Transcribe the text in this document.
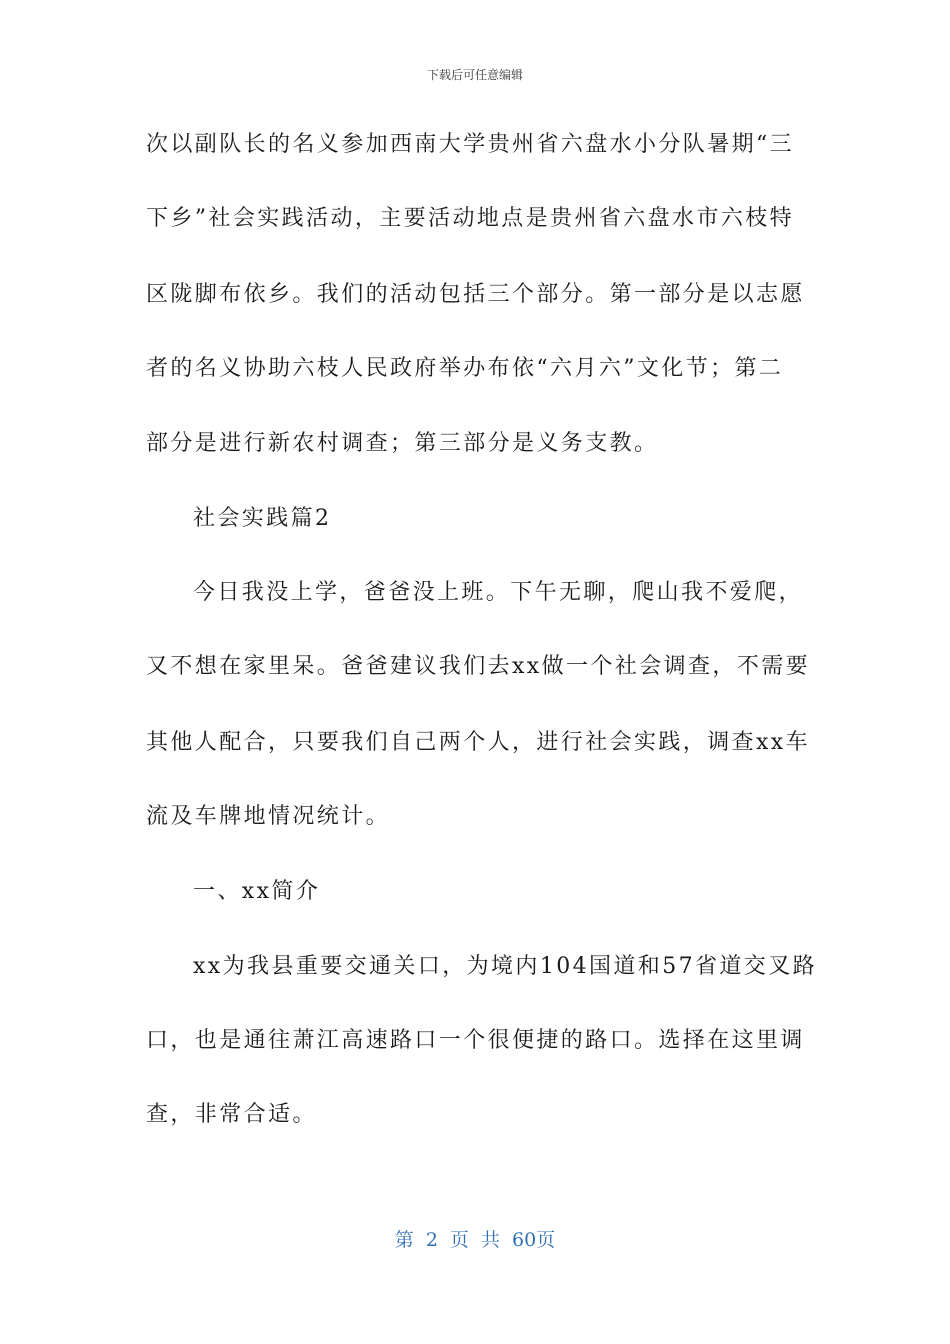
下载后可任意编辑
次以副队长的名义参加西南大学贵州省六盘水小分队暑期“三
下乡”社会实践活动，主要活动地点是贵州省六盘水市六枝特
区陇脚布依乡。我们的活动包括三个部分。第一部分是以志愿
者的名义协助六枝人民政府举办布依“六月六”文化节；第二
部分是进行新农村调查；第三部分是义务支教。
社会实践篇2
今日我没上学，爸爸没上班。下午无聊，爬山我不爱爬，
又不想在家里呆。爸爸建议我们去xx做一个社会调查，不需要
其他人配合，只要我们自己两个人，进行社会实践，调查xx车
流及车牌地情况统计。
一、xx简介
xx为我县重要交通关口，为境内104国道和57省道交叉路
口，也是通往萧江高速路口一个很便捷的路口。选择在这里调
查，非常合适。
第 2 页 共 60页
